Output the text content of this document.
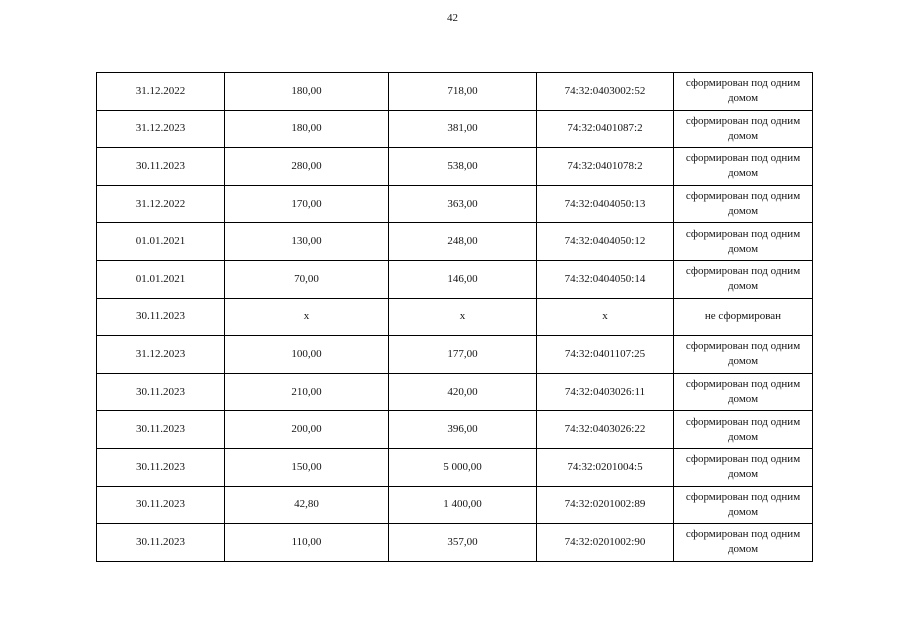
42
31.12.2022	180,00	718,00	74:32:0403002:52	сформирован под одним домом
31.12.2023	180,00	381,00	74:32:0401087:2	сформирован под одним домом
30.11.2023	280,00	538,00	74:32:0401078:2	сформирован под одним домом
31.12.2022	170,00	363,00	74:32:0404050:13	сформирован под одним домом
01.01.2021	130,00	248,00	74:32:0404050:12	сформирован под одним домом
01.01.2021	70,00	146,00	74:32:0404050:14	сформирован под одним домом
30.11.2023	x	x	x	не сформирован
31.12.2023	100,00	177,00	74:32:0401107:25	сформирован под одним домом
30.11.2023	210,00	420,00	74:32:0403026:11	сформирован под одним домом
30.11.2023	200,00	396,00	74:32:0403026:22	сформирован под одним домом
30.11.2023	150,00	5 000,00	74:32:0201004:5	сформирован под одним домом
30.11.2023	42,80	1 400,00	74:32:0201002:89	сформирован под одним домом
30.11.2023	110,00	357,00	74:32:0201002:90	сформирован под одним домом
